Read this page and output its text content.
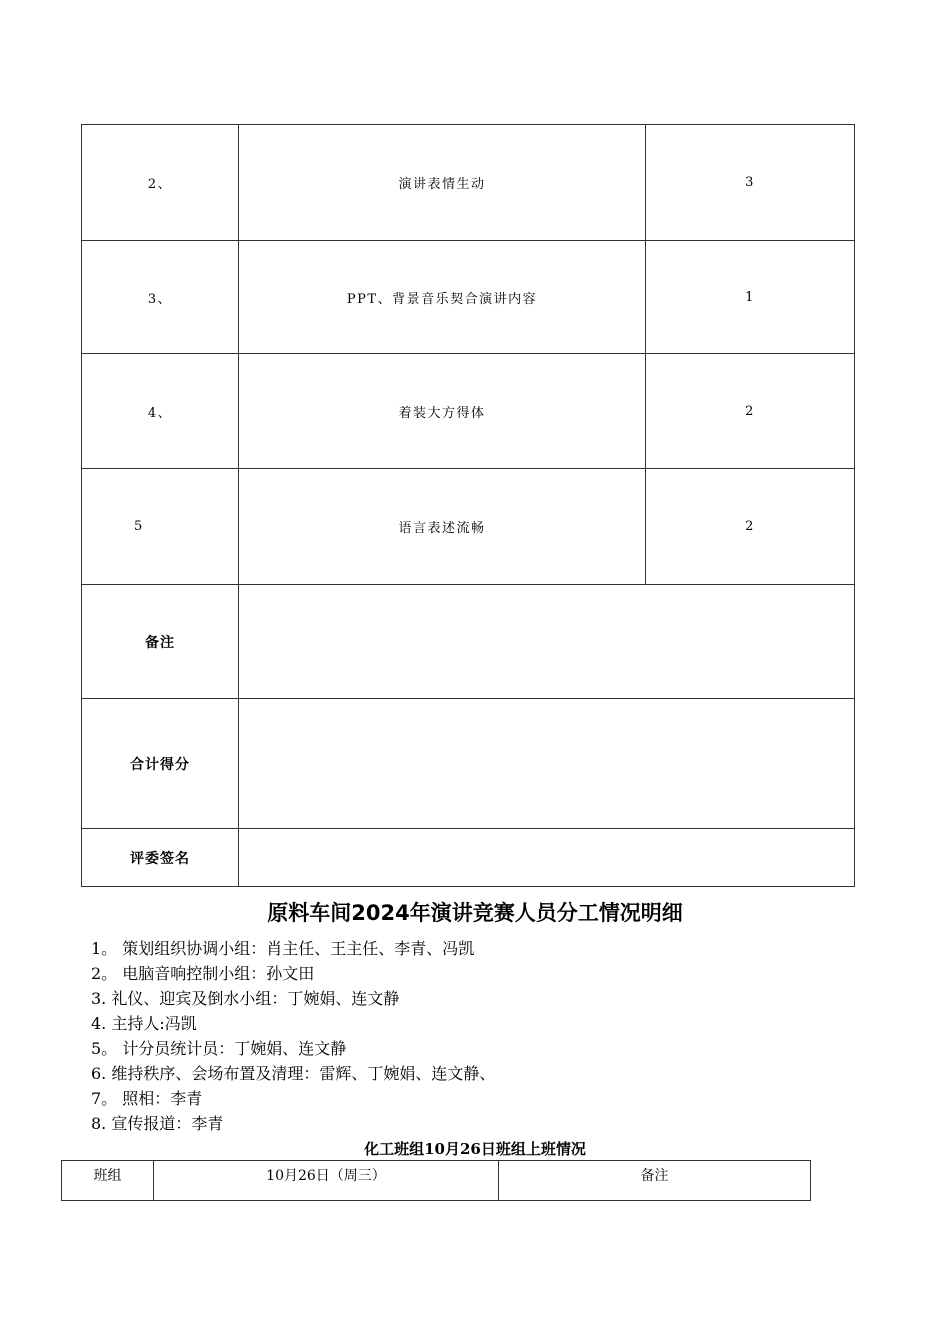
2、	演讲表情生动	3
3、	PPT、背景音乐契合演讲内容	1
4、	着装大方得体	2
5	语言表述流畅	2
备注		
合计得分		
评委签名		
原料车间2024年演讲竞赛人员分工情况明细
1。 策划组织协调小组：肖主任、王主任、李青、冯凯
2。 电脑音响控制小组：孙文田
3. 礼仪、迎宾及倒水小组：丁婉娟、连文静
4. 主持人:冯凯
5。 计分员统计员：丁婉娟、连文静
6. 维持秩序、会场布置及清理：雷辉、丁婉娟、连文静、
7。 照相：李青
8. 宣传报道：李青
化工班组10月26日班组上班情况
班组	10月26日（周三）	备注
